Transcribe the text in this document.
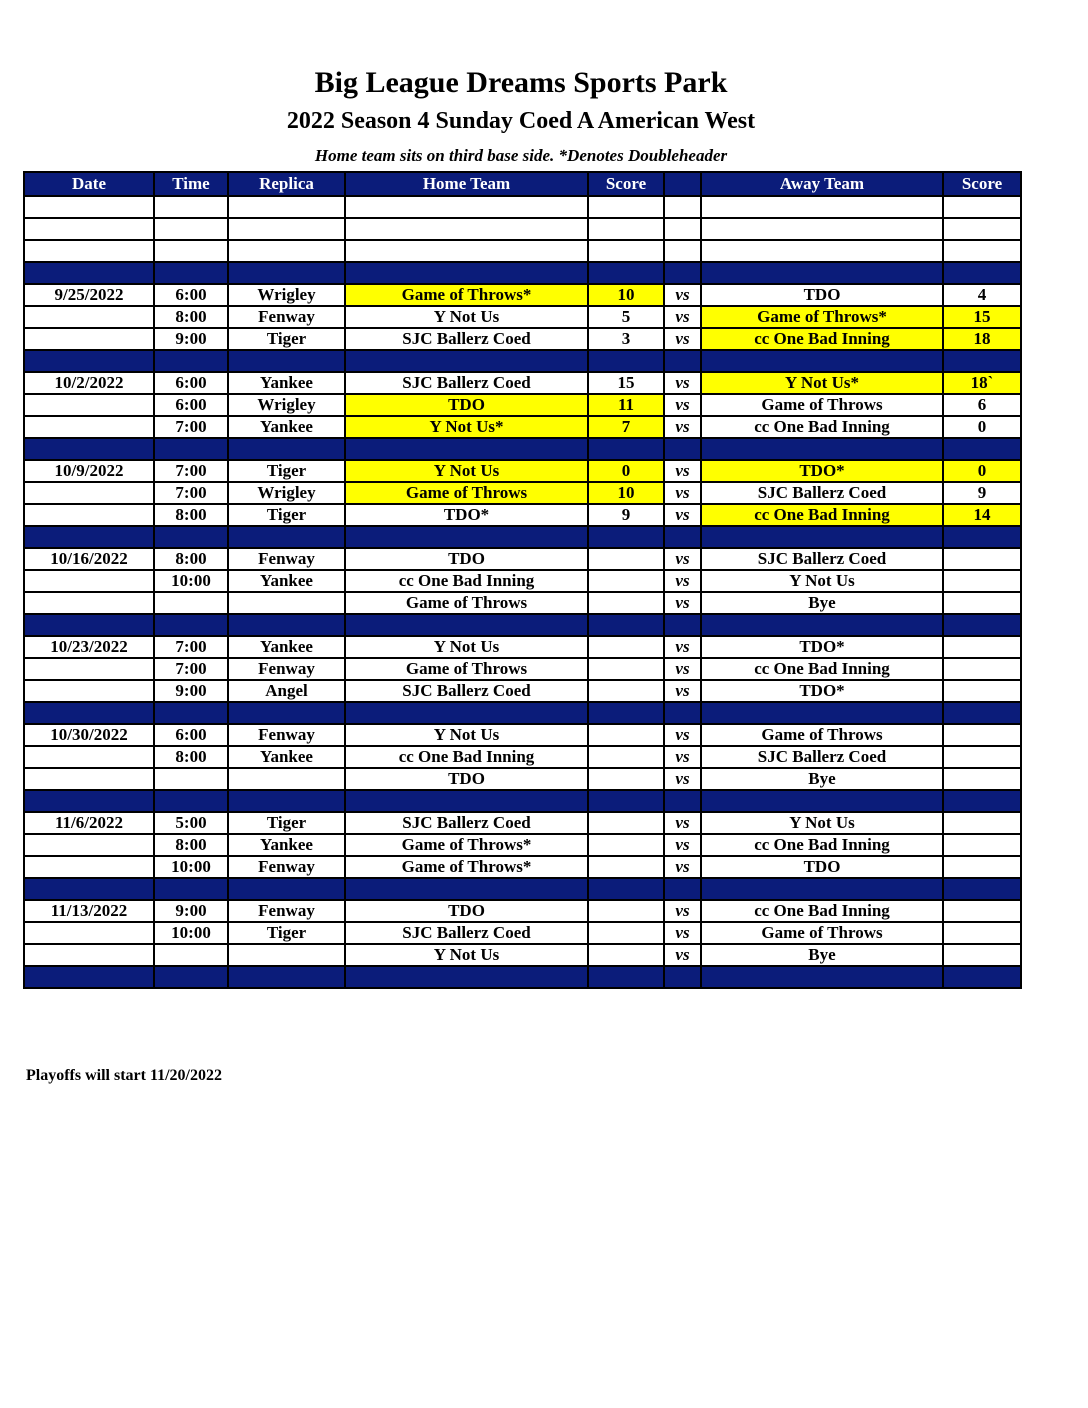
Big League Dreams Sports Park
2022 Season 4 Sunday Coed A American West
Home team sits on third base side. *Denotes Doubleheader
Date	Time	Replica	Home Team	Score		Away Team	Score

9/25/2022	6:00	Wrigley	Game of Throws*	10	vs	TDO	4
	8:00	Fenway	Y Not Us	5	vs	Game of Throws*	15
	9:00	Tiger	SJC Ballerz Coed	3	vs	cc One Bad Inning	18

10/2/2022	6:00	Yankee	SJC Ballerz Coed	15	vs	Y Not Us*	18`
	6:00	Wrigley	TDO	11	vs	Game of Throws	6
	7:00	Yankee	Y Not Us*	7	vs	cc One Bad Inning	0

10/9/2022	7:00	Tiger	Y Not Us	0	vs	TDO*	0
	7:00	Wrigley	Game of Throws	10	vs	SJC Ballerz Coed	9
	8:00	Tiger	TDO*	9	vs	cc One Bad Inning	14

10/16/2022	8:00	Fenway	TDO		vs	SJC Ballerz Coed	
	10:00	Yankee	cc One Bad Inning		vs	Y Not Us	
			Game of Throws		vs	Bye	

10/23/2022	7:00	Yankee	Y Not Us		vs	TDO*	
	7:00	Fenway	Game of Throws		vs	cc One Bad Inning	
	9:00	Angel	SJC Ballerz Coed		vs	TDO*	

10/30/2022	6:00	Fenway	Y Not Us		vs	Game of Throws	
	8:00	Yankee	cc One Bad Inning		vs	SJC Ballerz Coed	
			TDO		vs	Bye	

11/6/2022	5:00	Tiger	SJC Ballerz Coed		vs	Y Not Us	
	8:00	Yankee	Game of Throws*		vs	cc One Bad Inning	
	10:00	Fenway	Game of Throws*		vs	TDO	

11/13/2022	9:00	Fenway	TDO		vs	cc One Bad Inning	
	10:00	Tiger	SJC Ballerz Coed		vs	Game of Throws	
			Y Not Us		vs	Bye	

Playoffs will start 11/20/2022
